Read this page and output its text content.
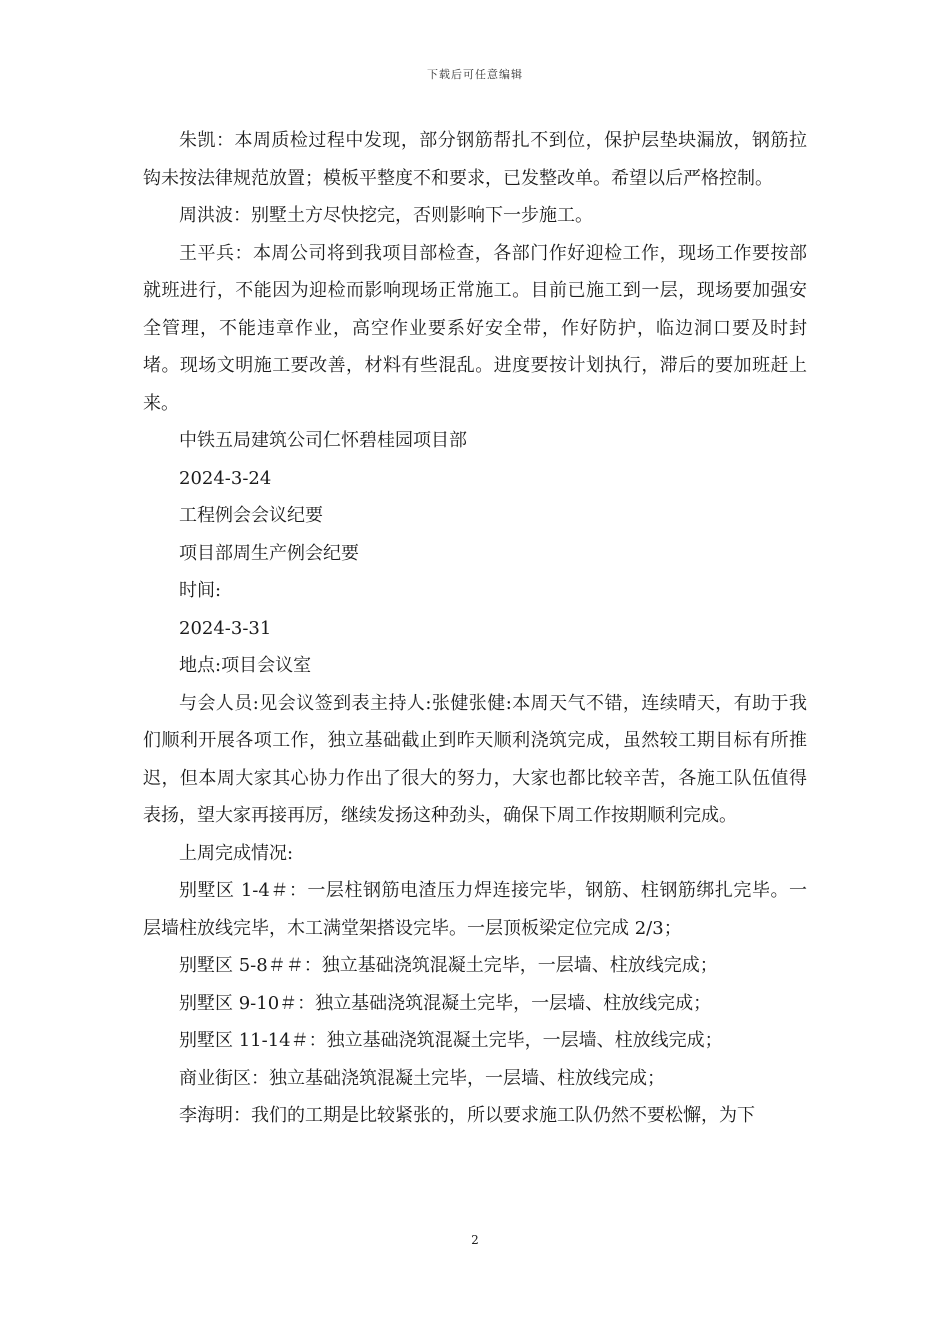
下载后可任意编辑

朱凯：本周质检过程中发现，部分钢筋帮扎不到位，保护层垫块漏放，钢筋拉钩未按法律规范放置；模板平整度不和要求，已发整改单。希望以后严格控制。

周洪波：别墅土方尽快挖完，否则影响下一步施工。

王平兵：本周公司将到我项目部检查，各部门作好迎检工作，现场工作要按部就班进行，不能因为迎检而影响现场正常施工。目前已施工到一层，现场要加强安全管理，不能违章作业，高空作业要系好安全带，作好防护，临边洞口要及时封堵。现场文明施工要改善，材料有些混乱。进度要按计划执行，滞后的要加班赶上来。

中铁五局建筑公司仁怀碧桂园项目部

2024-3-24

工程例会会议纪要

项目部周生产例会纪要

时间:

2024-3-31

地点:项目会议室

与会人员:见会议签到表主持人:张健张健:本周天气不错，连续晴天，有助于我们顺利开展各项工作，独立基础截止到昨天顺利浇筑完成，虽然较工期目标有所推迟，但本周大家其心协力作出了很大的努力，大家也都比较辛苦，各施工队伍值得表扬，望大家再接再厉，继续发扬这种劲头，确保下周工作按期顺利完成。

上周完成情况:

别墅区 1-4＃：一层柱钢筋电渣压力焊连接完毕，钢筋、柱钢筋绑扎完毕。一层墙柱放线完毕，木工满堂架搭设完毕。一层顶板梁定位完成 2/3；

别墅区 5-8＃＃：独立基础浇筑混凝土完毕，一层墙、柱放线完成；

别墅区 9-10＃：独立基础浇筑混凝土完毕，一层墙、柱放线完成；

别墅区 11-14＃：独立基础浇筑混凝土完毕，一层墙、柱放线完成；

商业街区：独立基础浇筑混凝土完毕，一层墙、柱放线完成；

李海明：我们的工期是比较紧张的，所以要求施工队仍然不要松懈，为下

2
